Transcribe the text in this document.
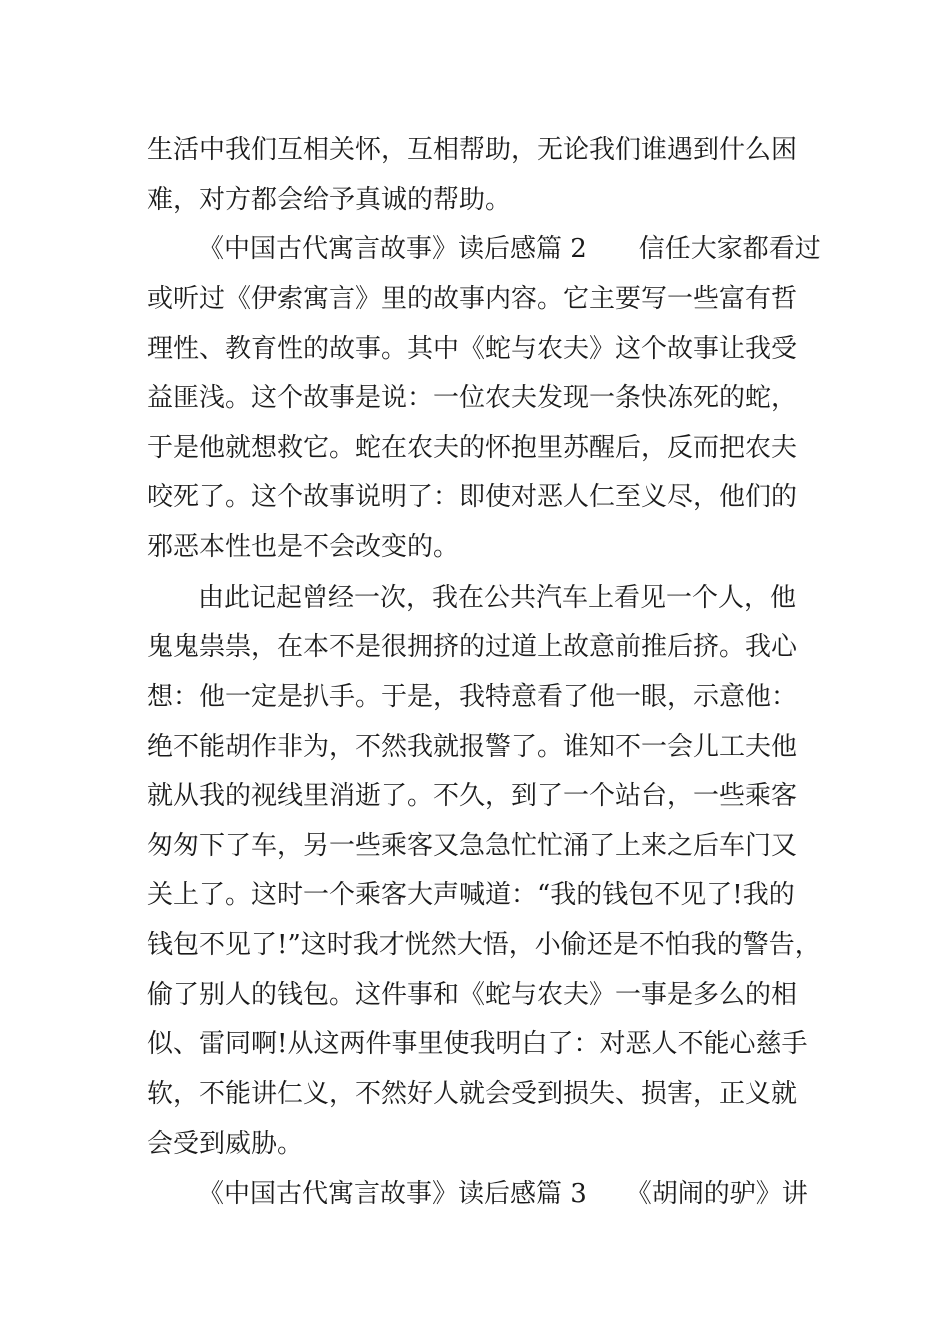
生活中我们互相关怀，互相帮助，无论我们谁遇到什么困
难，对方都会给予真诚的帮助。
《中国古代寓言故事》读后感篇 2　　信任大家都看过
或听过《伊索寓言》里的故事内容。它主要写一些富有哲
理性、教育性的故事。其中《蛇与农夫》这个故事让我受
益匪浅。这个故事是说：一位农夫发现一条快冻死的蛇，
于是他就想救它。蛇在农夫的怀抱里苏醒后，反而把农夫
咬死了。这个故事说明了：即使对恶人仁至义尽，他们的
邪恶本性也是不会改变的。
由此记起曾经一次，我在公共汽车上看见一个人，他
鬼鬼祟祟，在本不是很拥挤的过道上故意前推后挤。我心
想：他一定是扒手。于是，我特意看了他一眼，示意他：
绝不能胡作非为，不然我就报警了。谁知不一会儿工夫他
就从我的视线里消逝了。不久，到了一个站台，一些乘客
匆匆下了车，另一些乘客又急急忙忙涌了上来之后车门又
关上了。这时一个乘客大声喊道：“我的钱包不见了!我的
钱包不见了!”这时我才恍然大悟，小偷还是不怕我的警告，
偷了别人的钱包。这件事和《蛇与农夫》一事是多么的相
似、雷同啊!从这两件事里使我明白了：对恶人不能心慈手
软，不能讲仁义，不然好人就会受到损失、损害，正义就
会受到威胁。
《中国古代寓言故事》读后感篇 3　　《胡闹的驴》讲
